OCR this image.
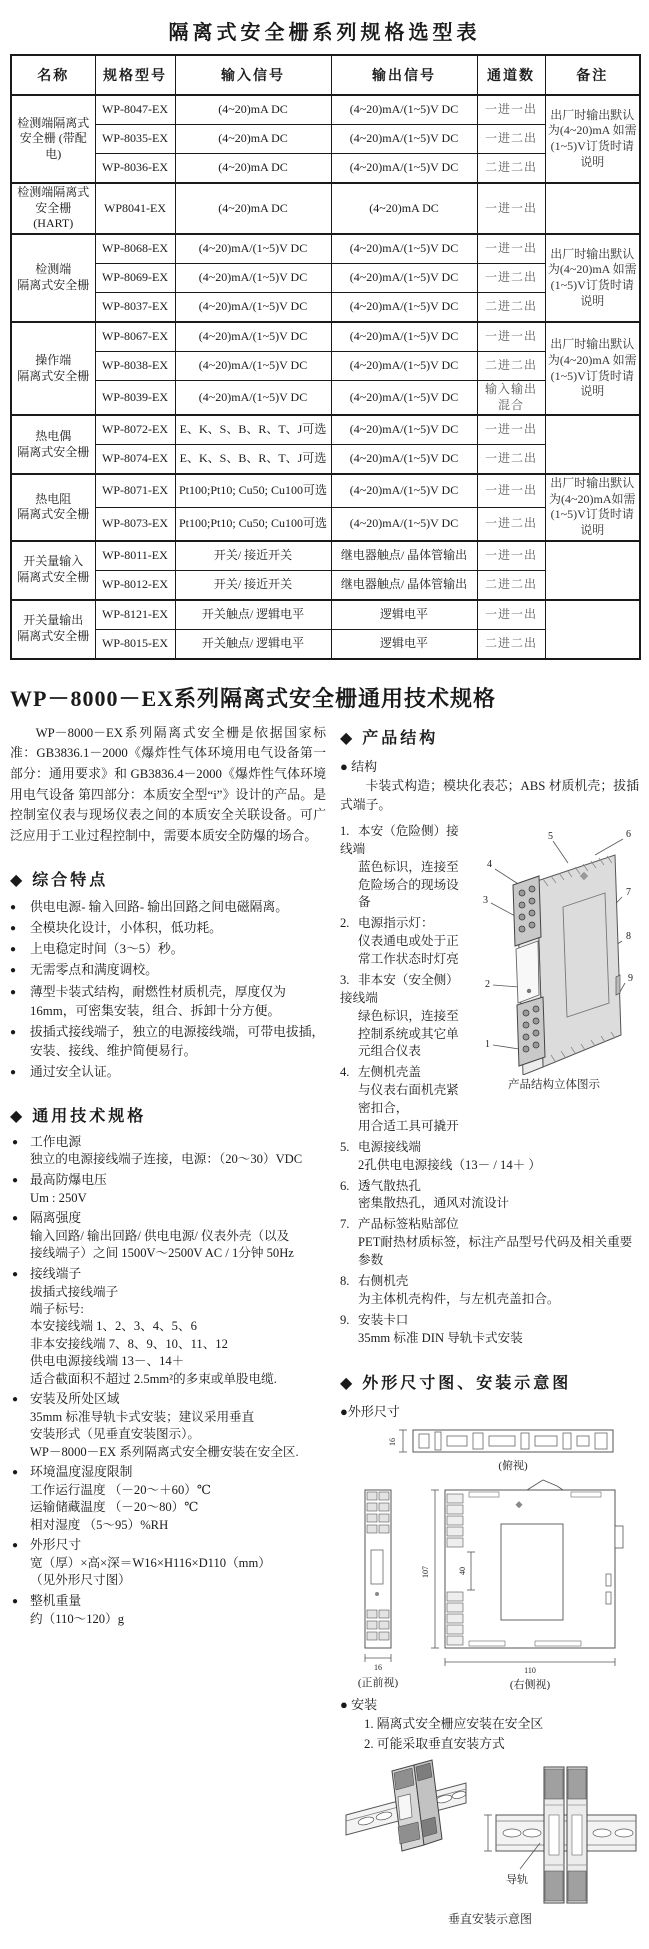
隔离式安全栅系列规格选型表
名称	规格型号	输入信号	输出信号	通道数	备注
检测端隔离式
安全栅 (带配电)	WP-8047-EX	(4~20)mA DC	(4~20)mA/(1~5)V DC	一进一出	出厂时输出默认为(4~20)mA 如需(1~5)V订货时请说明
	WP-8035-EX	(4~20)mA DC	(4~20)mA/(1~5)V DC	一进二出	
	WP-8036-EX	(4~20)mA DC	(4~20)mA/(1~5)V DC	二进二出	
检测端隔离式
安全栅 (HART)	WP8041-EX	(4~20)mA DC	(4~20)mA DC	一进一出	
检测端
隔离式安全栅	WP-8068-EX	(4~20)mA/(1~5)V DC	(4~20)mA/(1~5)V DC	一进一出	出厂时输出默认为(4~20)mA 如需(1~5)V订货时请说明
	WP-8069-EX	(4~20)mA/(1~5)V DC	(4~20)mA/(1~5)V DC	一进二出	
	WP-8037-EX	(4~20)mA/(1~5)V DC	(4~20)mA/(1~5)V DC	二进二出	
操作端
隔离式安全栅	WP-8067-EX	(4~20)mA/(1~5)V DC	(4~20)mA/(1~5)V DC	一进一出	出厂时输出默认为(4~20)mA 如需(1~5)V订货时请说明
	WP-8038-EX	(4~20)mA/(1~5)V DC	(4~20)mA/(1~5)V DC	二进二出	
	WP-8039-EX	(4~20)mA/(1~5)V DC	(4~20)mA/(1~5)V DC	输入输出混合	
热电偶
隔离式安全栅	WP-8072-EX	E、K、S、B、R、T、J可选	(4~20)mA/(1~5)V DC	一进一出	
	WP-8074-EX	E、K、S、B、R、T、J可选	(4~20)mA/(1~5)V DC	一进二出	
热电阻
隔离式安全栅	WP-8071-EX	Pt100;Pt10; Cu50; Cu100可选	(4~20)mA/(1~5)V DC	一进一出	出厂时输出默认为(4~20)mA如需(1~5)V订货时请说明
	WP-8073-EX	Pt100;Pt10; Cu50; Cu100可选	(4~20)mA/(1~5)V DC	一进二出	
开关量输入
隔离式安全栅	WP-8011-EX	开关/ 接近开关	继电器触点/ 晶体管输出	一进一出	
	WP-8012-EX	开关/ 接近开关	继电器触点/ 晶体管输出	二进二出	
开关量输出
隔离式安全栅	WP-8121-EX	开关触点/ 逻辑电平	逻辑电平	一进一出	
	WP-8015-EX	开关触点/ 逻辑电平	逻辑电平	二进二出	
WP－8000－EX系列隔离式安全栅通用技术规格

WP－8000－EX系列隔离式安全栅是依据国家标准：GB3836.1－2000《爆炸性气体环境用电气设备第一部分：通用要求》和 GB3836.4－2000《爆炸性气体环境用电气设备 第四部分：本质安全型“i”》设计的产品。是控制室仪表与现场仪表之间的本质安全关联设备。可广泛应用于工业过程控制中，需要本质安全防爆的场合。

◆ 综合特点
● 供电电源- 输入回路- 输出回路之间电磁隔离。
● 全模块化设计，小体积，低功耗。
● 上电稳定时间（3～5）秒。
● 无需零点和满度调校。
● 薄型卡装式结构，耐燃性材质机壳，厚度仅为16mm，可密集安装，组合、拆卸十分方便。
● 拔插式接线端子，独立的电源接线端，可带电拔插，安装、接线、维护简便易行。
● 通过安全认证。
◆ 通用技术规格
● 工作电源
独立的电源接线端子连接，电源：（20～30）VDC
● 最高防爆电压
Um : 250V
● 隔离强度
输入回路/ 输出回路/ 供电电源/ 仪表外壳（以及
接线端子）之间 1500V～2500V AC / 1分钟 50Hz
● 接线端子
拔插式接线端子
端子标号:
本安接线端 1、2、3、4、5、6
非本安接线端 7、8、9、10、11、12
供电电源接线端 13－、14＋
适合截面积不超过 2.5mm²的多束或单股电缆.
● 安装及所处区域
35mm 标准导轨卡式安装；建议采用垂直
安装形式（见垂直安装图示）。
WP－8000－EX 系列隔离式安全栅安装在安全区.
● 环境温度湿度限制
工作运行温度 （－20～＋60）℃
运输储藏温度 （－20～80）℃
相对湿度 （5～95）%RH
● 外形尺寸
宽（厚）×高×深＝W16×H116×D110（mm）
（见外形尺寸图）
● 整机重量
约（110～120）g
◆ 产品结构
● 结构
卡装式构造；模块化表芯；ABS 材质机壳；拔插式端子。
5	6
4
3
7
8
9
2
1
产品结构立体图示
1. 本安（危险侧）接线端
蓝色标识，连接至危险场合的现场设备
2. 电源指示灯：
仪表通电或处于正常工作状态时灯亮
3. 非本安（安全侧）接线端
绿色标识，连接至控制系统或其它单元组合仪表
4. 左侧机壳盖
与仪表右面机壳紧密扣合，
用合适工具可撬开
5. 电源接线端
2孔供电电源接线（13－ / 14＋ ）
6. 透气散热孔
密集散热孔，通风对流设计
7. 产品标签粘贴部位
PET耐热材质标签，标注产品型号代码及相关重要参数
8. 右侧机壳
为主体机壳构件，与左机壳盖扣合。
9. 安装卡口
35mm 标准 DIN 导轨卡式安装
◆ 外形尺寸图、安装示意图
●外形尺寸
16
(俯视)
16
(正前视)
107	40
110
(右侧视)
● 安装
1. 隔离式安全栅应安装在安全区
2. 可能采取垂直安装方式
导轨
垂直安装示意图
